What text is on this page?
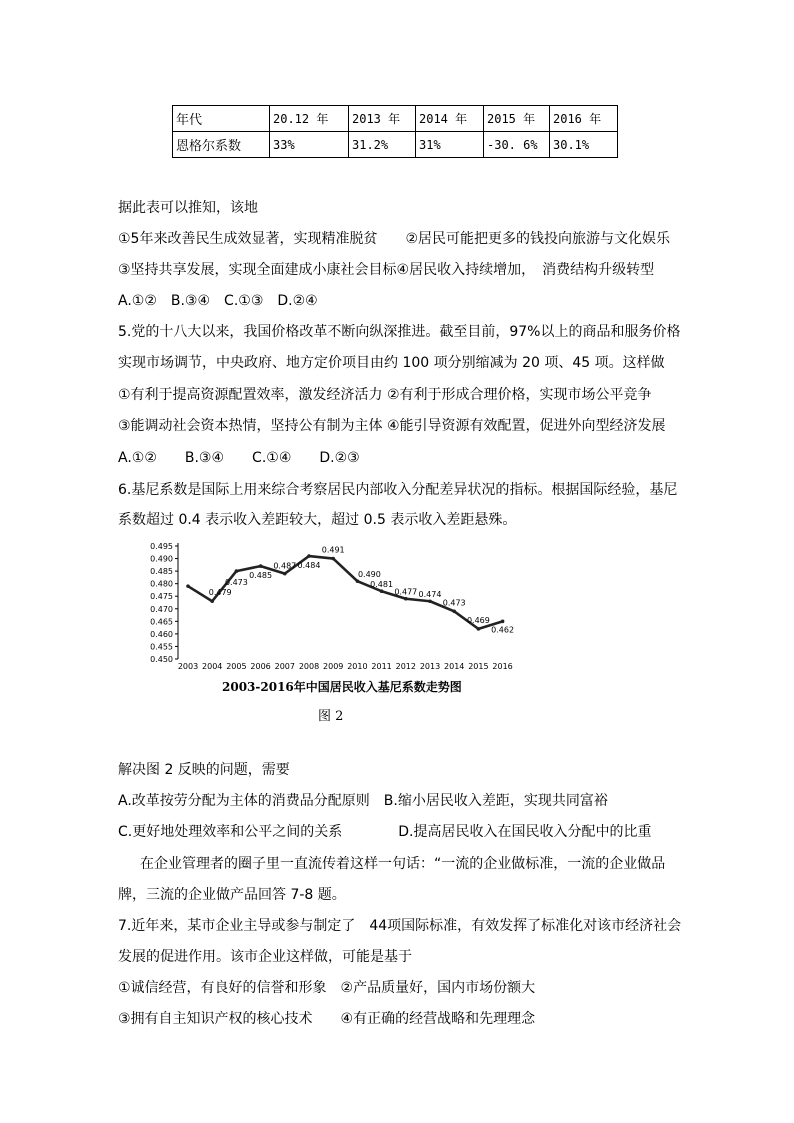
年代	20.12 年	2013 年	2014 年	2015 年	2016 年
恩格尔系数	33%	31.2%	31%	-30. 6%	30.1%
据此表可以推知，该地
①5年来改善民生成效显著，实现精准脱贫　　②居民可能把更多的钱投向旅游与文化娱乐
③坚持共享发展，实现全面建成小康社会目标④居民收入持续增加，　消费结构升级转型
A.①②　B.③④　C.①③　D.②④
5.党的十八大以来，我国价格改革不断向纵深推进。截至目前，97%以上的商品和服务价格
实现市场调节，中央政府、地方定价项目由约 100 项分别缩减为 20 项、45 项。这样做
①有利于提高资源配置效率，激发经济活力 ②有利于形成合理价格，实现市场公平竞争
③能调动社会资本热情，坚持公有制为主体 ④能引导资源有效配置，促进外向型经济发展
A.①②　　B.③④　　C.①④　　D.②③
6.基尼系数是国际上用来综合考察居民内部收入分配差异状况的指标。根据国际经验，基尼
系数超过 0.4 表示收入差距较大，超过 0.5 表示收入差距悬殊。
0.495
0.490
0.485
0.480
0.475
0.470
0.465
0.460
0.455
0.450
2003 2004 2005 2006 2007 2008 2009 2010 2011 2012 2013 2014 2015 2016
0.479
0.473
0.485
0.487 0.484
0.491
0.490
0.481
0.477 0.474
0.473
0.469
0.462
2003-2016年中国居民收入基尼系数走势图
图 2
解决图 2 反映的问题，需要
A.改革按劳分配为主体的消费品分配原则　B.缩小居民收入差距，实现共同富裕
C.更好地处理效率和公平之间的关系　　　　D.提高居民收入在国民收入分配中的比重
在企业管理者的圈子里一直流传着这样一句话：“一流的企业做标准，一流的企业做品
牌，三流的企业做产品回答 7-8 题。
7.近年来，某市企业主导或参与制定了　44项国际标准，有效发挥了标准化对该市经济社会
发展的促进作用。该市企业这样做，可能是基于
①诚信经营，有良好的信誉和形象　②产品质量好，国内市场份额大
③拥有自主知识产权的核心技术　　④有正确的经营战略和先理理念
